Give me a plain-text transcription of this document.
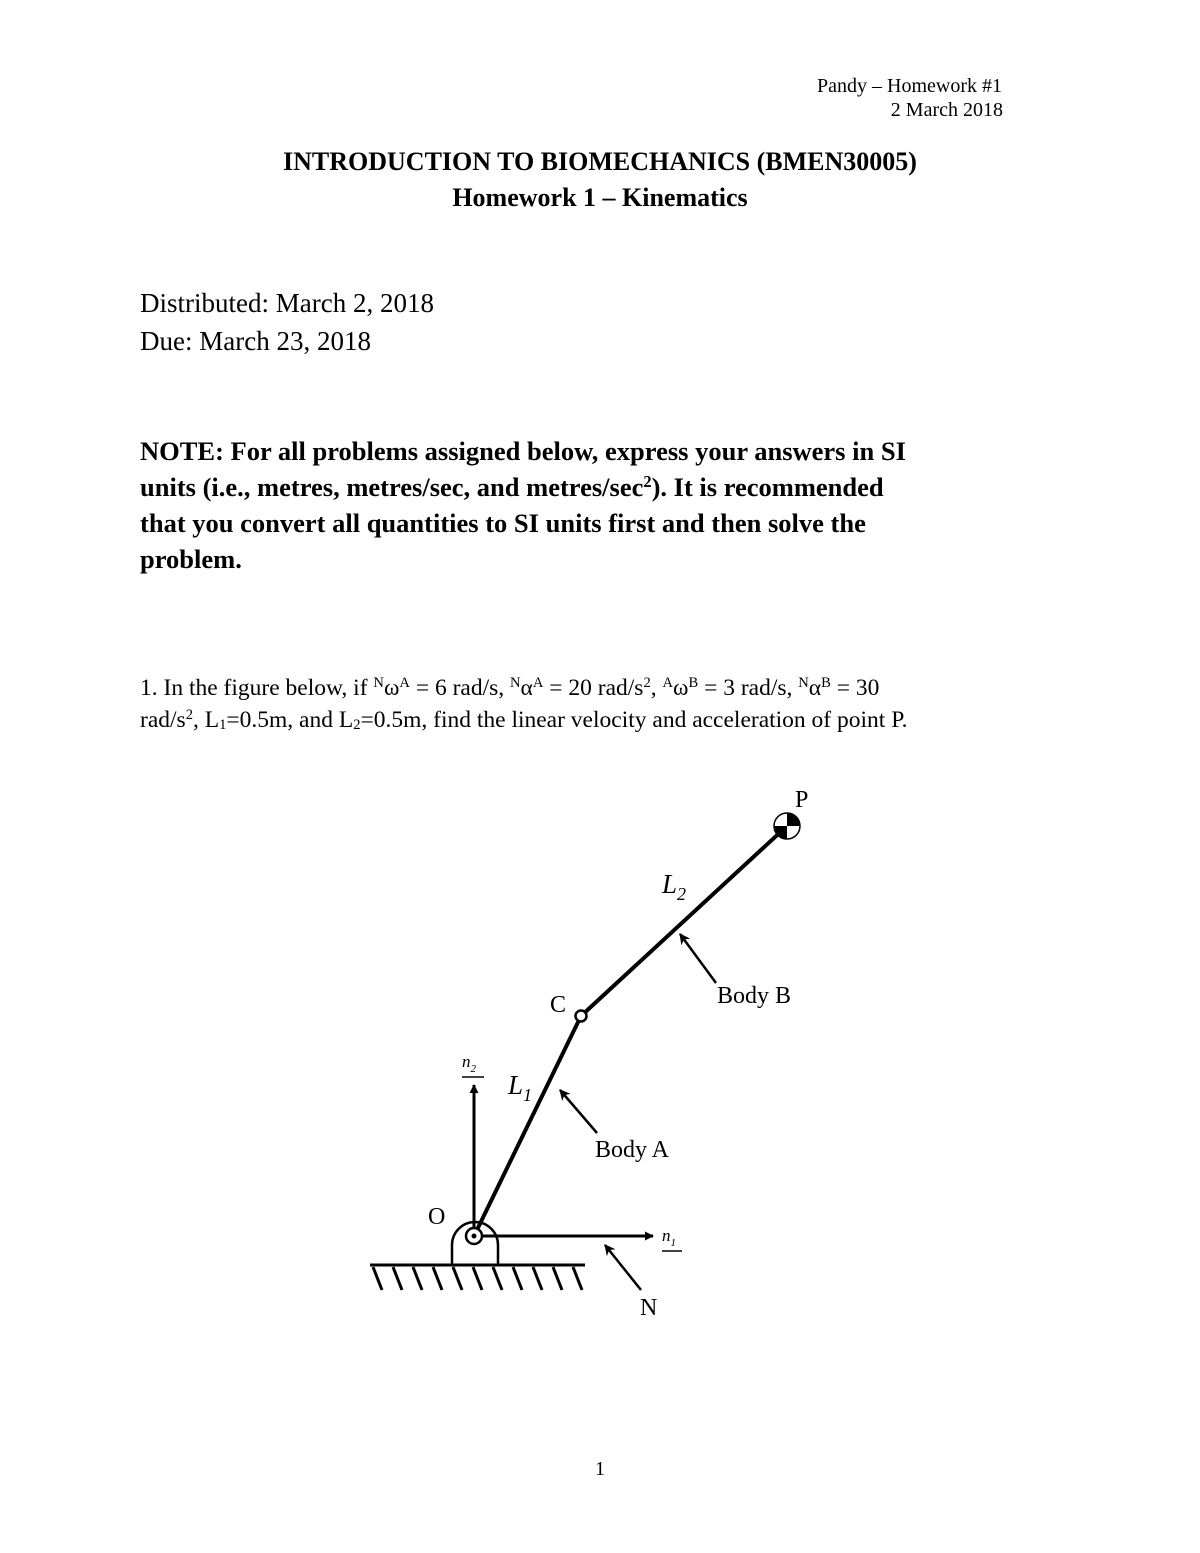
Pandy – Homework #1
2 March 2018
INTRODUCTION TO BIOMECHANICS (BMEN30005)
Homework 1 – Kinematics
Distributed: March 2, 2018
Due: March 23, 2018
NOTE: For all problems assigned below, express your answers in SI
units (i.e., metres, metres/sec, and metres/$\sec^2$). It is recommended
that you convert all quantities to SI units first and then solve the
problem.
1. In the figure below, if $^N\omega^A = 6$ rad/s, $^N\alpha^A = 20$ rad/$s^2$, $^A\omega^B = 3$ rad/s, $^N\alpha^B = 30$
rad/$s^2$, $L_1=0.5m$, and $L_2=0.5m$, find the linear velocity and acceleration of point P.
P
$L_2$
Body B
C
$n_2$
$L_1$
Body A
O
$n_1$
N
1
